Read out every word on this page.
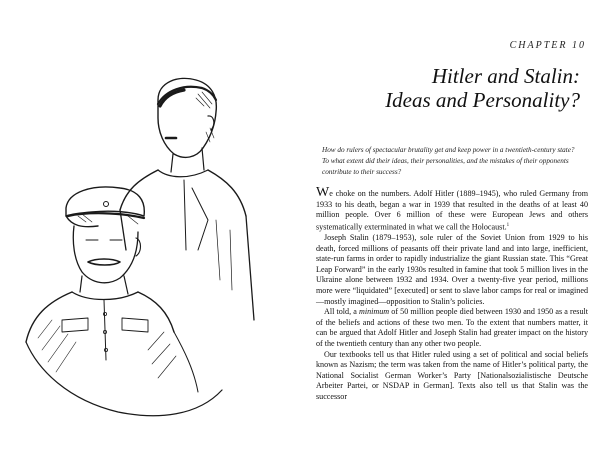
CHAPTER 10
Hitler and Stalin:
Ideas and Personality?
How do rulers of spectacular brutality get and keep power in a twentieth-century state? To what extent did their ideas, their personalities, and the mistakes of their opponents contribute to their success?

We choke on the numbers. Adolf Hitler (1889–1945), who ruled Germany from 1933 to his death, began a war in 1939 that resulted in the deaths of at least 40 million people. Over 6 million of these were European Jews and others systematically exterminated in what we call the Holocaust.$^1$

Joseph Stalin (1879–1953), sole ruler of the Soviet Union from 1929 to his death, forced millions of peasants off their private land and into large, inefficient, state-run farms in order to rapidly industrialize the giant Russian state. This “Great Leap Forward” in the early 1930s resulted in famine that took 5 million lives in the Ukraine alone between 1932 and 1934. Over a twenty-five year period, millions more were “liquidated” [executed] or sent to slave labor camps for real or imagined—mostly imagined—opposition to Stalin’s policies.

All told, a minimum of 50 million people died between 1930 and 1950 as a result of the beliefs and actions of these two men. To the extent that numbers matter, it can be argued that Adolf Hitler and Joseph Stalin had greater impact on the history of the twentieth century than any other two people.

Our textbooks tell us that Hitler ruled using a set of political and social beliefs known as Nazism; the term was taken from the name of Hitler’s political party, the National Socialist German Worker’s Party [Nationalsozialistische Deutsche Arbeiter Partei, or NSDAP in German]. Texts also tell us that Stalin was the successor
